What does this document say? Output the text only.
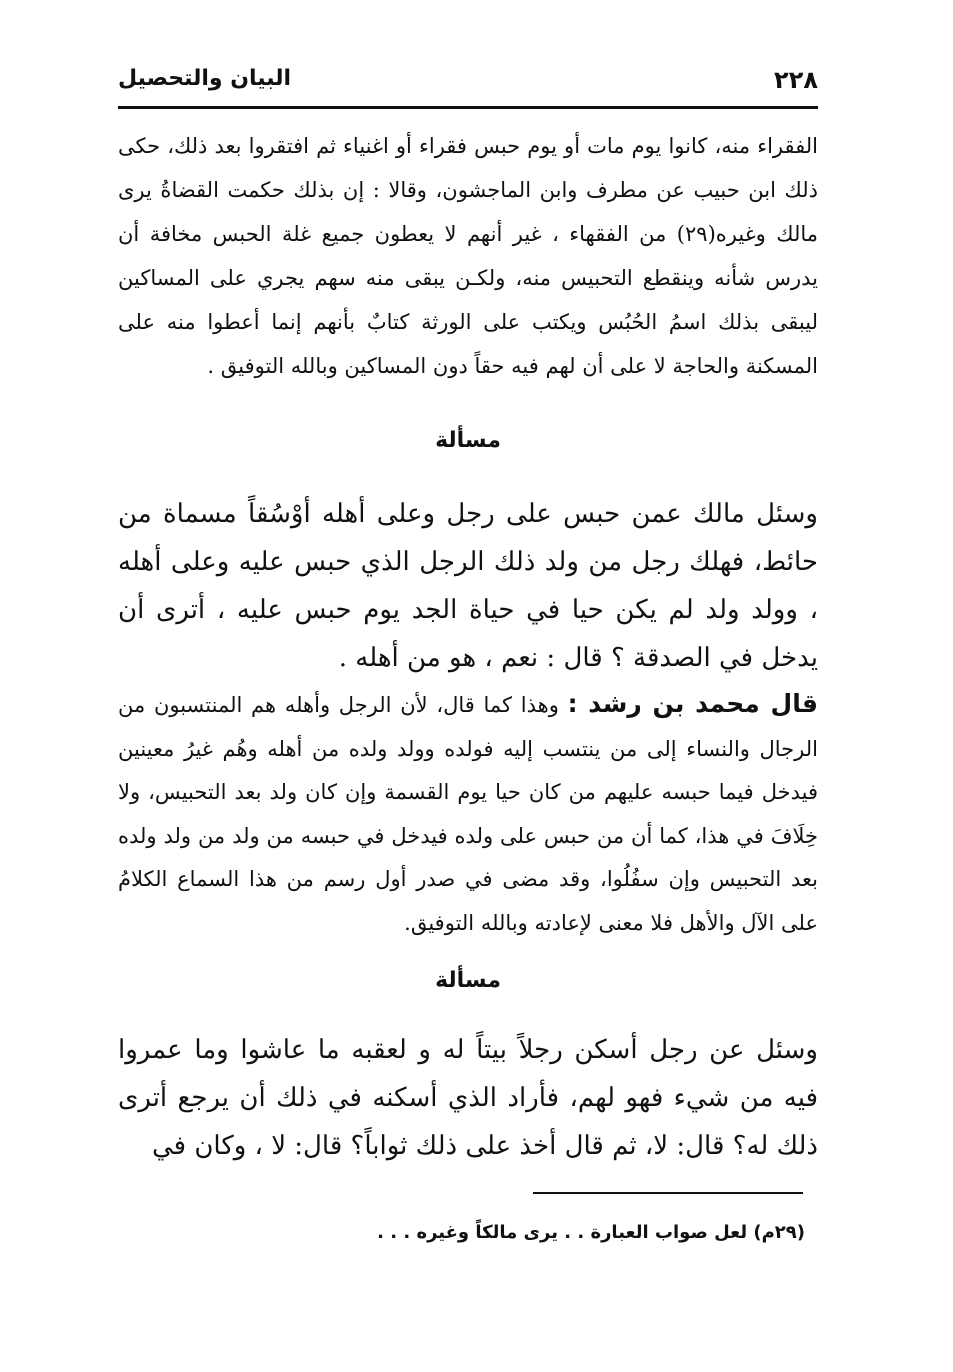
٢٢٨
البيان والتحصيل

الفقراء منه، كانوا يوم مات أو يوم حبس فقراء أو اغنياء ثم افتقروا بعد ذلك، حكى ذلك ابن حبيب عن مطرف وابن الماجشون، وقالا : إن بذلك حكمت القضاةُ يرى مالك وغيره(٢٩) من الفقهاء ، غير أنهم لا يعطون جميع غلة الحبس مخافة أن يدرس شأنه وينقطع التحبيس منه، ولكـن يبقى منه سهم يجري على المساكين ليبقى بذلك اسمُ الحُبُس ويكتب على الورثة كتابٌ بأنهم إنما أعطوا منه على المسكنة والحاجة لا على أن لهم فيه حقاً دون المساكين وبالله التوفيق .

مسألة

وسئل مالك عمن حبس على رجل وعلى أهله أوْسُقاً مسماة من حائط، فهلك رجل من ولد ذلك الرجل الذي حبس عليه وعلى أهله ، وولد ولد لم يكن حيا في حياة الجد يوم حبس عليه ، أترى أن يدخل في الصدقة ؟ قال : نعم ، هو من أهله .

قال محمد بن رشد : وهذا كما قال، لأن الرجل وأهله هم المنتسبون من الرجال والنساء إلى من ينتسب إليه فولده وولد ولده من أهله وهُم غيرُ معينين فيدخل فيما حبسه عليهم من كان حيا يوم القسمة وإن كان ولد بعد التحبيس، ولا خِلَافَ في هذا، كما أن من حبس على ولده فيدخل في حبسه من ولد من ولد ولده بعد التحبيس وإن سفُلُوا، وقد مضى في صدر أول رسم من هذا السماع الكلامُ على الآل والأهل فلا معنى لإعادته وبالله التوفيق.

مسألة

وسئل عن رجل أسكن رجلاً بيتاً له و لعقبه ما عاشوا وما عمروا فيه من شيء فهو لهم، فأراد الذي أسكنه في ذلك أن يرجع أترى ذلك له؟ قال: لا، ثم قال أخذ على ذلك ثواباً؟ قال: لا ، وكان في

(٢٩م) لعل صواب العبارة . . يرى مالكاً وغيره . . .
